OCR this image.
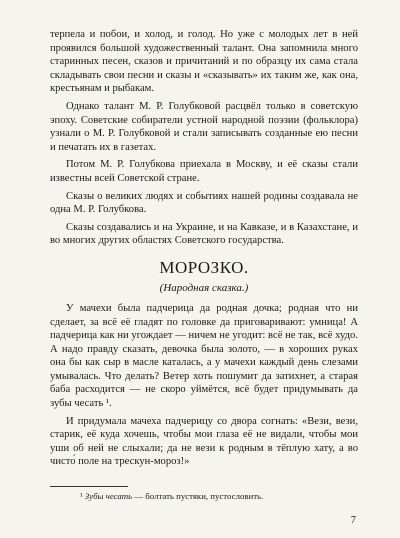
терпела и побои, и холод, и голод. Но уже с молодых лет в ней проявился большой художественный талант. Она запомнила много старинных песен, сказов и причитаний и по образцу их сама стала складывать свои песни и сказы и «сказывать» их таким же, как она, крестьянам и рыбакам.

Однако талант М. Р. Голубковой расцвёл только в советскую эпоху. Советские собиратели устной народной поэзии (фольклора) узнали о М. Р. Голубковой и стали записывать созданные ею песни и печатать их в газетах.

Потом М. Р. Голубкова приехала в Москву, и её сказы стали известны всей Советской стране.

Сказы о великих людях и событиях нашей родины создавала не одна М. Р. Голубкова.

Сказы создавались и на Украине, и на Кавказе, и в Казахстане, и во многих других областях Советского государства.

МОРОЗКО.
(Народная сказка.)

У мачехи была падчерица да родная дочка; родная что ни сделает, за всё её гладят по головке да приговаривают: умница! А падчерица как ни угождает — ничем не угодит: всё не так, всё худо. А надо правду сказать, девочка была золото, — в хороших руках она бы как сыр в масле каталась, а у мачехи каждый день слезами умывалась. Что делать? Ветер хоть пошумит да затихнет, а старая баба расходится — не скоро уймётся, всё будет придумывать да зубы чесать ¹.

И придумала мачеха падчерицу со двора согнать: «Вези, вези, старик, её куда хочешь, чтобы мои глаза её не видали, чтобы мои уши об ней не слыхали; да не вези к родным в тёплую хату, а во чисто́ поле на трескун-мороз!»

¹ Зубы чесать — болтать пустяки, пустословить.
7
